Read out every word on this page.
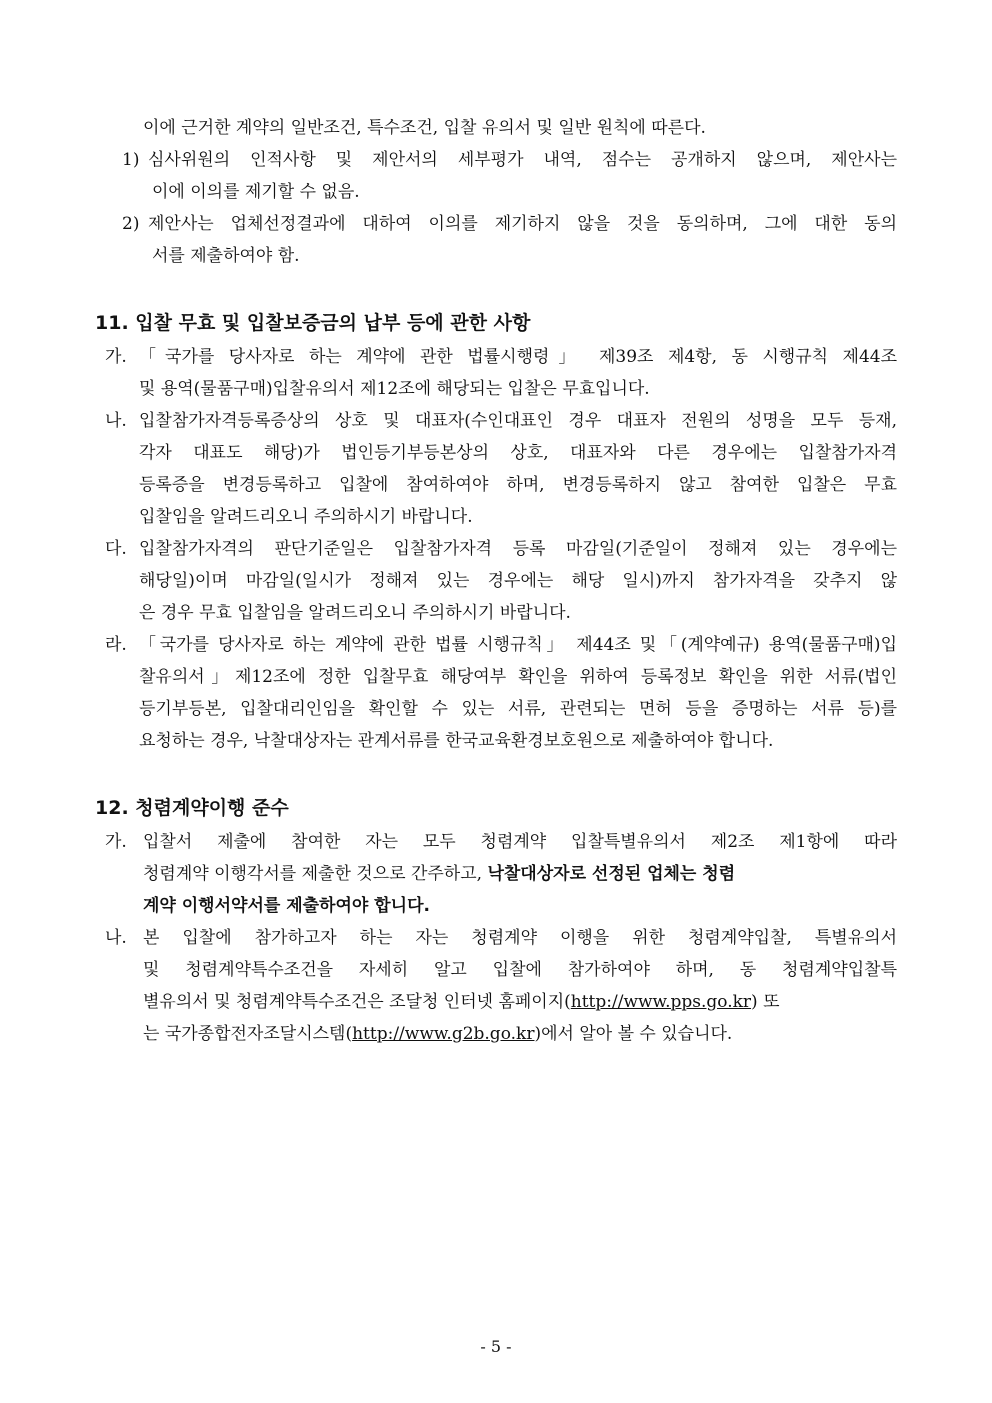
이에 근거한 계약의 일반조건, 특수조건, 입찰 유의서 및 일반 원칙에 따른다.
1) 심사위원의 인적사항 및 제안서의 세부평가 내역, 점수는 공개하지 않으며, 제안사는
이에 이의를 제기할 수 없음.
2) 제안사는 업체선정결과에 대하여 이의를 제기하지 않을 것을 동의하며, 그에 대한 동의
서를 제출하여야 함.
11. 입찰 무효 및 입찰보증금의 납부 등에 관한 사항
가. 「국가를 당사자로 하는 계약에 관한 법률시행령」 제39조 제4항, 동 시행규칙 제44조
및 용역(물품구매)입찰유의서 제12조에 해당되는 입찰은 무효입니다.
나. 입찰참가자격등록증상의 상호 및 대표자(수인대표인 경우 대표자 전원의 성명을 모두 등재,
각자 대표도 해당)가 법인등기부등본상의 상호, 대표자와 다른 경우에는 입찰참가자격
등록증을 변경등록하고 입찰에 참여하여야 하며, 변경등록하지 않고 참여한 입찰은 무효
입찰임을 알려드리오니 주의하시기 바랍니다.
다. 입찰참가자격의 판단기준일은 입찰참가자격 등록 마감일(기준일이 정해져 있는 경우에는
해당일)이며 마감일(일시가 정해져 있는 경우에는 해당 일시)까지 참가자격을 갖추지 않
은 경우 무효 입찰임을 알려드리오니 주의하시기 바랍니다.
라. 「국가를 당사자로 하는 계약에 관한 법률 시행규칙」 제44조 및「(계약예규) 용역(물품구매)입
찰유의서」제12조에 정한 입찰무효 해당여부 확인을 위하여 등록정보 확인을 위한 서류(법인
등기부등본, 입찰대리인임을 확인할 수 있는 서류, 관련되는 면허 등을 증명하는 서류 등)를
요청하는 경우, 낙찰대상자는 관계서류를 한국교육환경보호원으로 제출하여야 합니다.
12. 청렴계약이행 준수
가. 입찰서 제출에 참여한 자는 모두 청렴계약 입찰특별유의서 제2조 제1항에 따라
청렴계약 이행각서를 제출한 것으로 간주하고, 낙찰대상자로 선정된 업체는 청렴
계약 이행서약서를 제출하여야 합니다.
나. 본 입찰에 참가하고자 하는 자는 청렴계약 이행을 위한 청렴계약입찰, 특별유의서
및 청렴계약특수조건을 자세히 알고 입찰에 참가하여야 하며, 동 청렴계약입찰특
별유의서 및 청렴계약특수조건은 조달청 인터넷 홈페이지(http://www.pps.go.kr) 또
는 국가종합전자조달시스템(http://www.g2b.go.kr)에서 알아 볼 수 있습니다.
- 5 -
